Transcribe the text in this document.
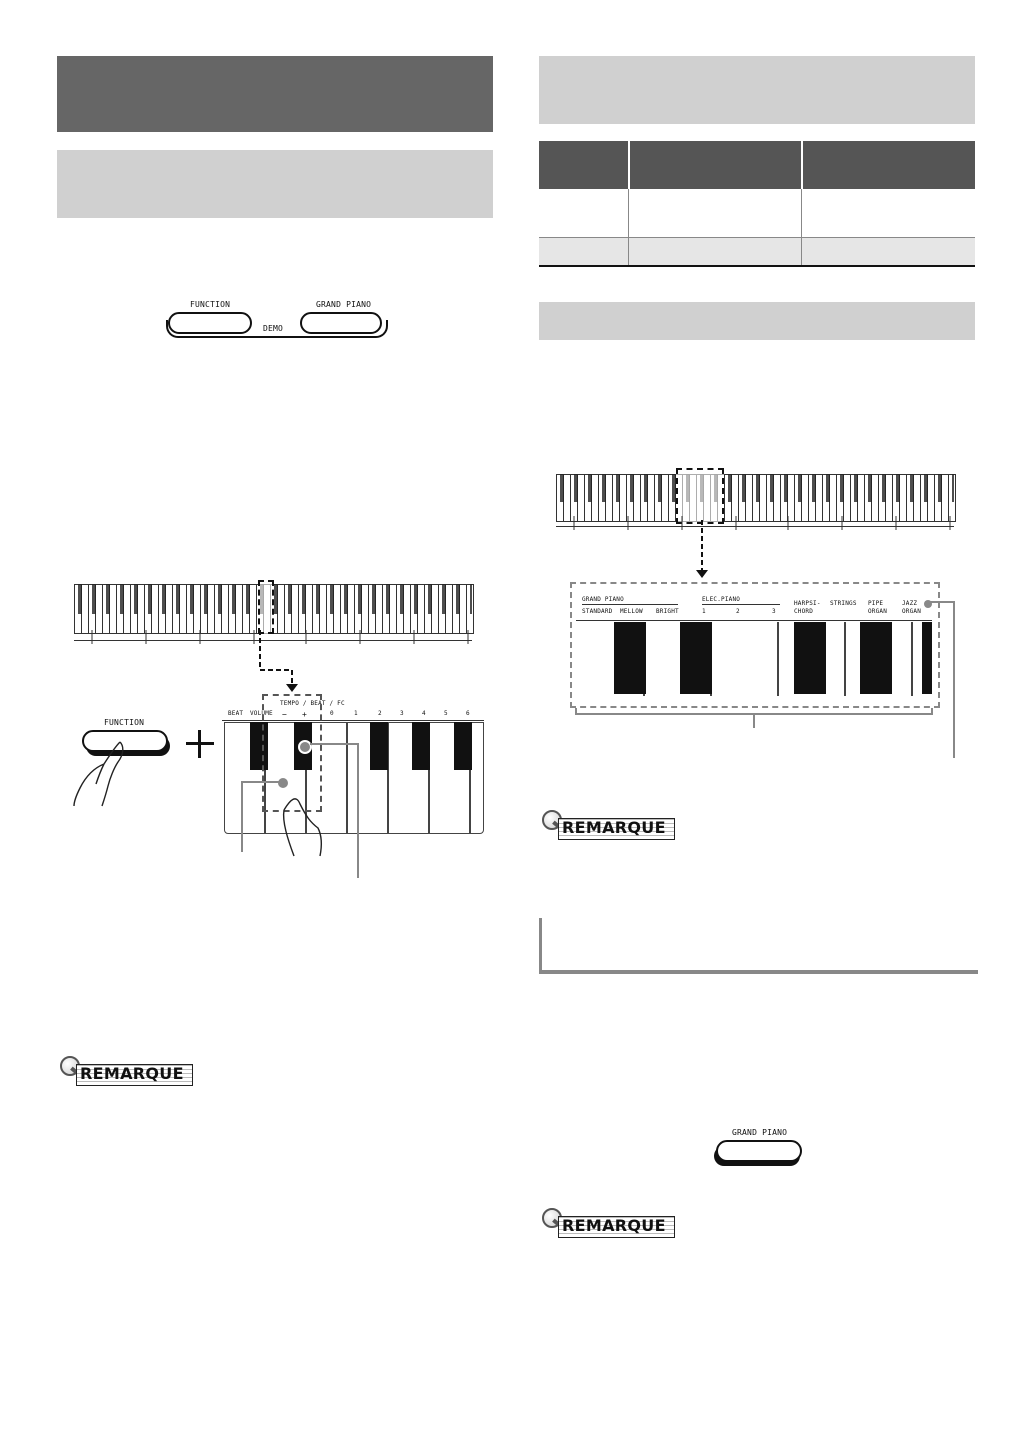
FUNCTION	GRAND PIANO
DEMO
FUNCTION
BEAT VOLUME
TEMPO / BEAT / FC
− +	0	1	2	3	4	5	6
REMARQUE
GRAND PIANO
STANDARD MELLOW BRIGHT
ELEC.PIANO
1	2	3
HARPSI-
CHORD
STRINGS PIPE
ORGAN
JAZZ
ORGAN
REMARQUE
GRAND PIANO
REMARQUE
